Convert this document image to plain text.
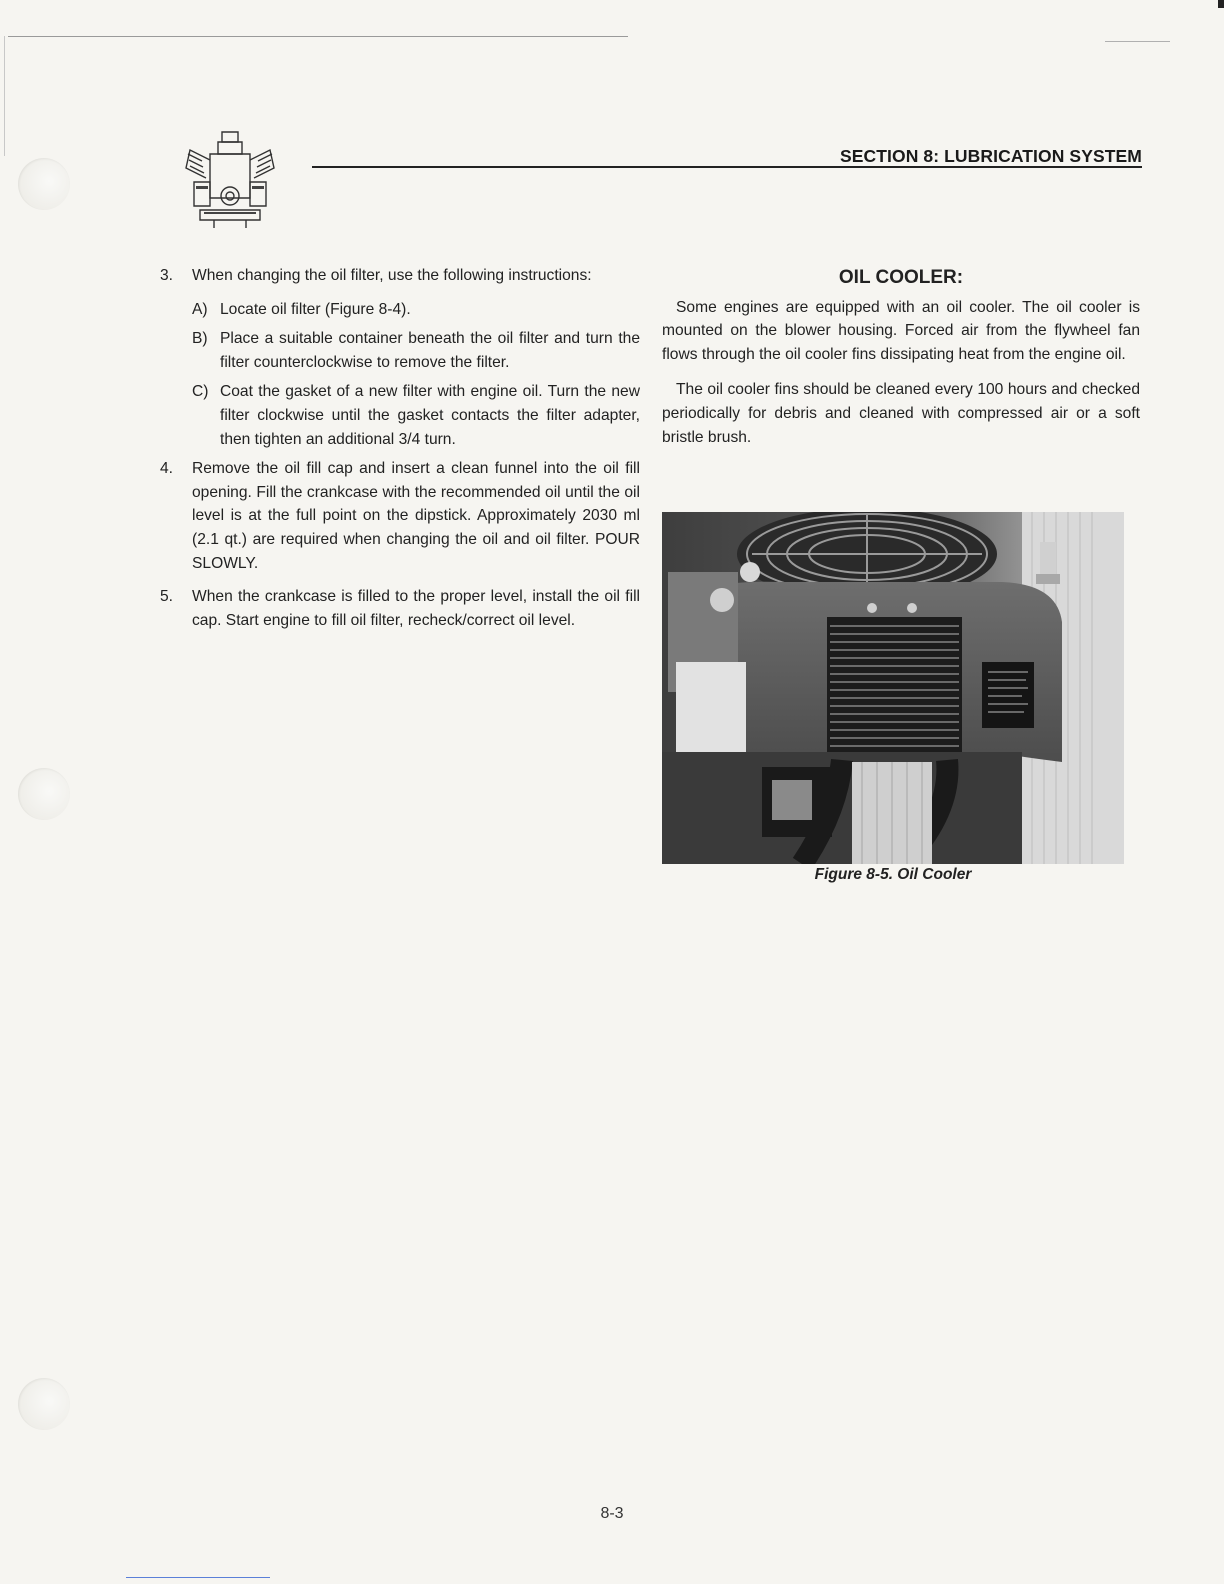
SECTION 8: LUBRICATION SYSTEM
3. When changing the oil filter, use the following instructions:
A) Locate oil filter (Figure 8-4).
B) Place a suitable container beneath the oil filter and turn the filter counterclockwise to remove the filter.
C) Coat the gasket of a new filter with engine oil. Turn the new filter clockwise until the gasket contacts the filter adapter, then tighten an additional 3/4 turn.
4. Remove the oil fill cap and insert a clean funnel into the oil fill opening. Fill the crankcase with the recommended oil until the oil level is at the full point on the dipstick. Approximately 2030 ml (2.1 qt.) are required when changing the oil and oil filter. POUR SLOWLY.
5. When the crankcase is filled to the proper level, install the oil fill cap. Start engine to fill oil filter, recheck/correct oil level.
OIL COOLER:

Some engines are equipped with an oil cooler. The oil cooler is mounted on the blower housing. Forced air from the flywheel fan flows through the oil cooler fins dissipating heat from the engine oil.

The oil cooler fins should be cleaned every 100 hours and checked periodically for debris and cleaned with compressed air or a soft bristle brush.

Figure 8-5. Oil Cooler
8-3
